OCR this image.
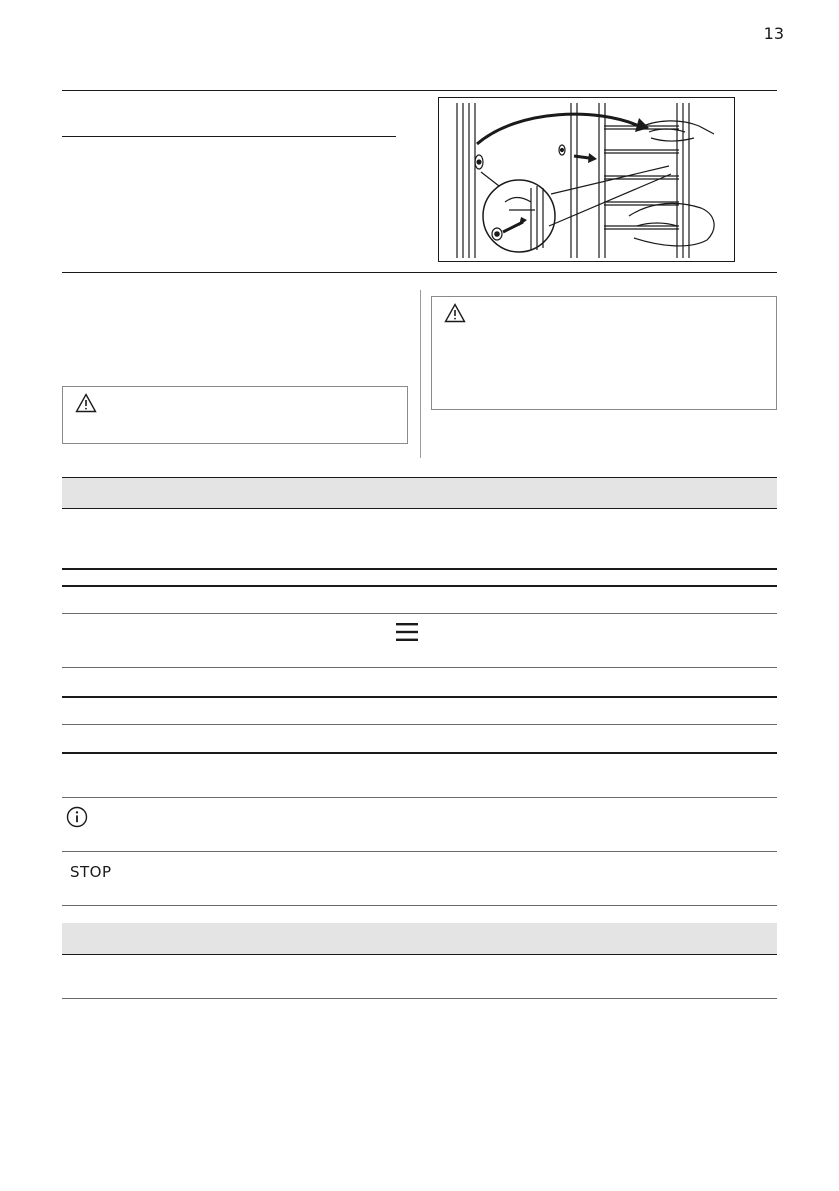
13
STOP
